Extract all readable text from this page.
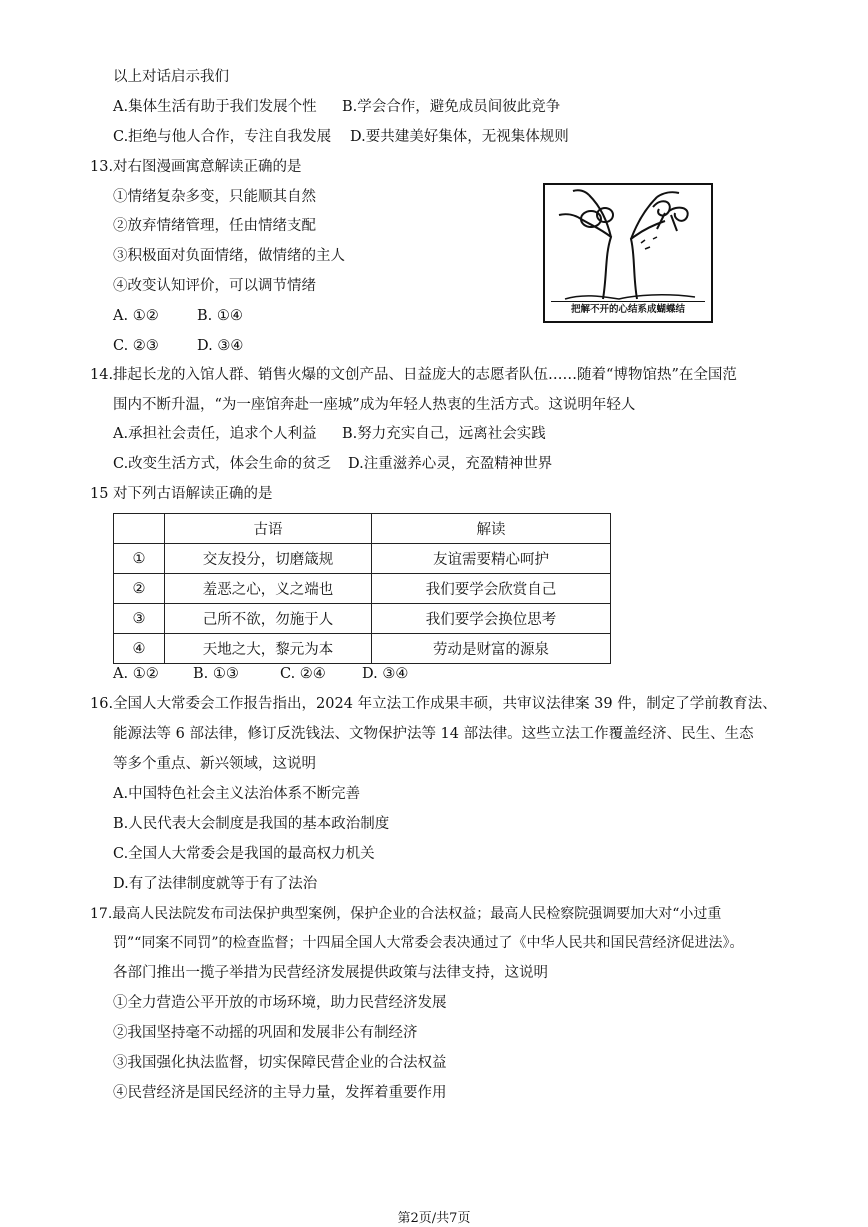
以上对话启示我们
A.集体生活有助于我们发展个性 B.学会合作，避免成员间彼此竞争
C.拒绝与他人合作，专注自我发展 D.要共建美好集体，无视集体规则
13.对右图漫画寓意解读正确的是
①情绪复杂多变，只能顺其自然
②放弃情绪管理，任由情绪支配
③积极面对负面情绪，做情绪的主人
④改变认知评价，可以调节情绪
A. ①②	B. ①④
C. ②③	D. ③④
把解不开的心结系成蝴蝶结
14.排起长龙的入馆人群、销售火爆的文创产品、日益庞大的志愿者队伍……随着“博物馆热”在全国范
围内不断升温，“为一座馆奔赴一座城”成为年轻人热衷的生活方式。这说明年轻人
A.承担社会责任，追求个人利益 B.努力充实自己，远离社会实践
C.改变生活方式，体会生命的贫乏 D.注重滋养心灵，充盈精神世界
15 对下列古语解读正确的是
	古语	解读
①	交友投分，切磨箴规	友谊需要精心呵护
②	羞恶之心，义之端也	我们要学会欣赏自己
③	己所不欲，勿施于人	我们要学会换位思考
④	天地之大，黎元为本	劳动是财富的源泉
A. ①② B. ①③	C. ②④ D. ③④
16.全国人大常委会工作报告指出，2024 年立法工作成果丰硕，共审议法律案 39 件，制定了学前教育法、
能源法等 6 部法律，修订反洗钱法、文物保护法等 14 部法律。这些立法工作覆盖经济、民生、生态
等多个重点、新兴领域，这说明
A.中国特色社会主义法治体系不断完善
B.人民代表大会制度是我国的基本政治制度
C.全国人大常委会是我国的最高权力机关
D.有了法律制度就等于有了法治
17.最高人民法院发布司法保护典型案例，保护企业的合法权益；最高人民检察院强调要加大对“小过重
罚”“同案不同罚”的检查监督；十四届全国人大常委会表决通过了《中华人民共和国民营经济促进法》。
各部门推出一揽子举措为民营经济发展提供政策与法律支持，这说明
①全力营造公平开放的市场环境，助力民营经济发展
②我国坚持毫不动摇的巩固和发展非公有制经济
③我国强化执法监督，切实保障民营企业的合法权益
④民营经济是国民经济的主导力量，发挥着重要作用
第2页/共7页
